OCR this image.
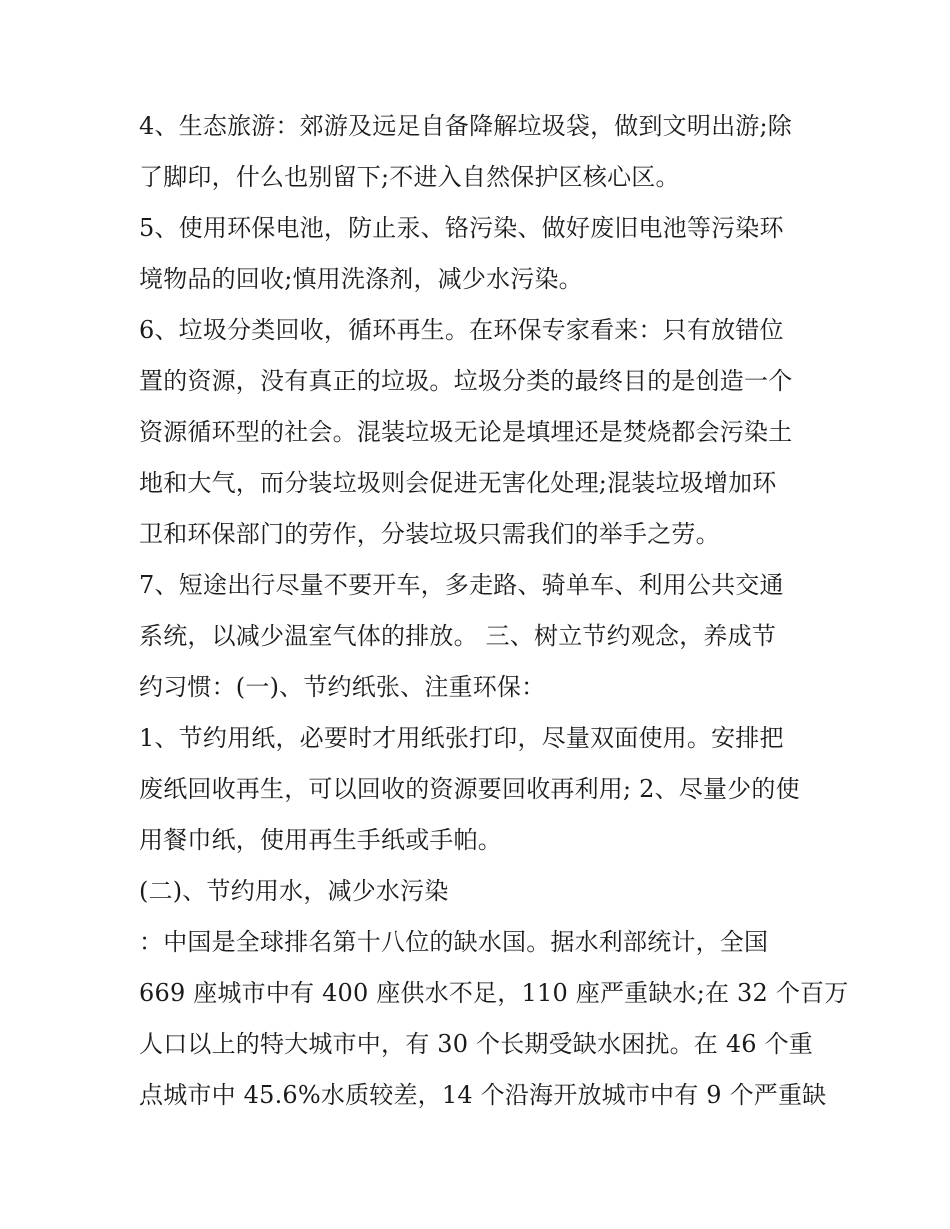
4、生态旅游：郊游及远足自备降解垃圾袋，做到文明出游;除
了脚印，什么也别留下;不进入自然保护区核心区。
5、使用环保电池，防止汞、铬污染、做好废旧电池等污染环
境物品的回收;慎用洗涤剂，减少水污染。
6、垃圾分类回收，循环再生。在环保专家看来：只有放错位
置的资源，没有真正的垃圾。垃圾分类的最终目的是创造一个
资源循环型的社会。混装垃圾无论是填埋还是焚烧都会污染土
地和大气，而分装垃圾则会促进无害化处理;混装垃圾增加环
卫和环保部门的劳作，分装垃圾只需我们的举手之劳。
7、短途出行尽量不要开车，多走路、骑单车、利用公共交通
系统，以减少温室气体的排放。 三、树立节约观念，养成节
约习惯：(一)、节约纸张、注重环保：
1、节约用纸，必要时才用纸张打印，尽量双面使用。安排把
废纸回收再生，可以回收的资源要回收再利用; 2、尽量少的使
用餐巾纸，使用再生手纸或手帕。
(二)、节约用水，减少水污染
：中国是全球排名第十八位的缺水国。据水利部统计，全国
669 座城市中有 400 座供水不足，110 座严重缺水;在 32 个百万
人口以上的特大城市中，有 30 个长期受缺水困扰。在 46 个重
点城市中 45.6%水质较差，14 个沿海开放城市中有 9 个严重缺
